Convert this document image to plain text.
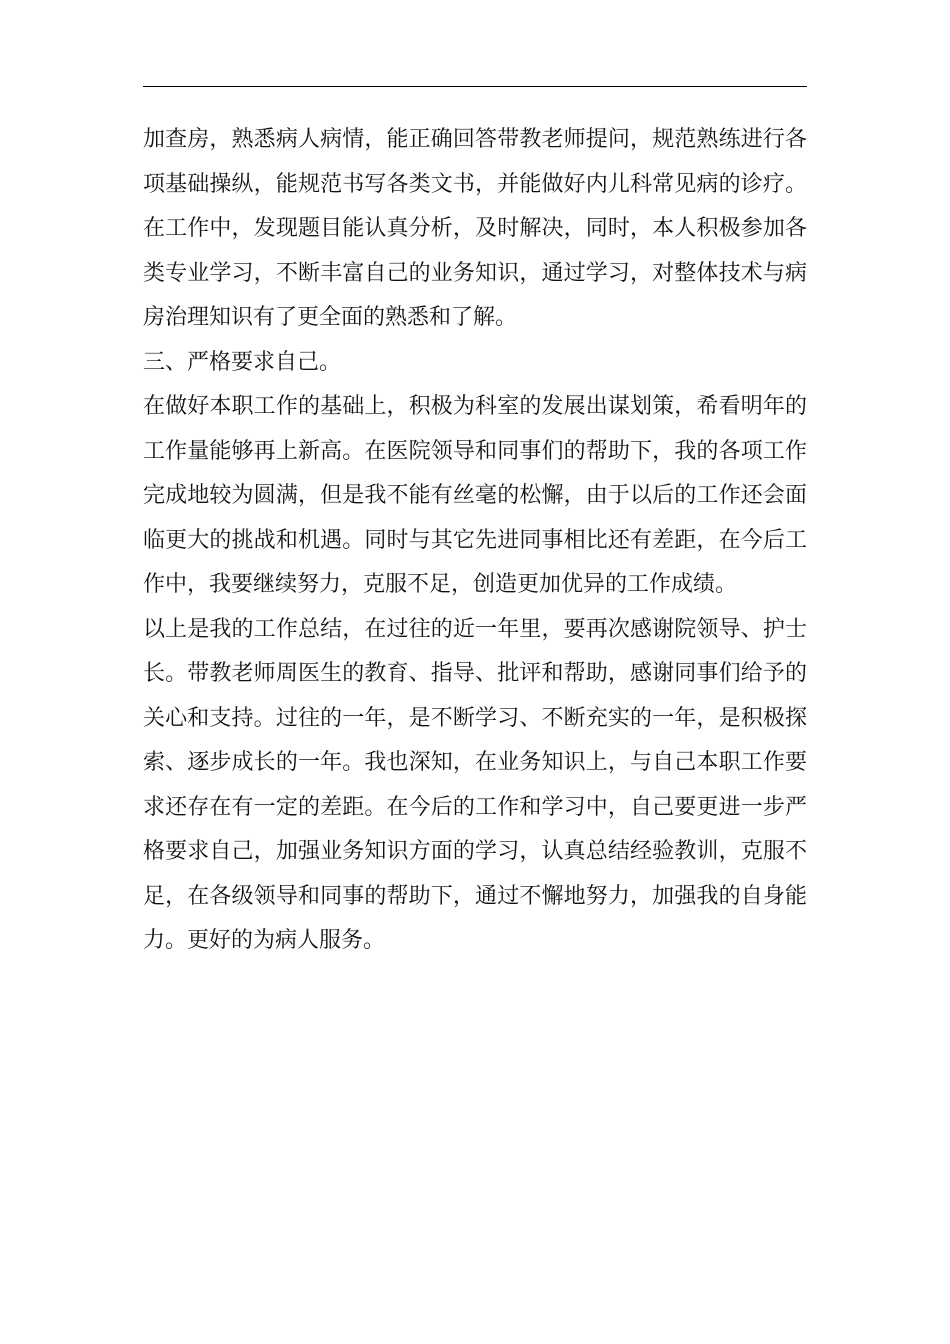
加查房，熟悉病人病情，能正确回答带教老师提问，规范熟练进行各项基础操纵，能规范书写各类文书，并能做好内儿科常见病的诊疗。在工作中，发现题目能认真分析，及时解决，同时，本人积极参加各类专业学习，不断丰富自己的业务知识，通过学习，对整体技术与病房治理知识有了更全面的熟悉和了解。

三、严格要求自己。

在做好本职工作的基础上，积极为科室的发展出谋划策，希看明年的工作量能够再上新高。在医院领导和同事们的帮助下，我的各项工作完成地较为圆满，但是我不能有丝毫的松懈，由于以后的工作还会面临更大的挑战和机遇。同时与其它先进同事相比还有差距，在今后工作中，我要继续努力，克服不足，创造更加优异的工作成绩。

以上是我的工作总结，在过往的近一年里，要再次感谢院领导、护士长。带教老师周医生的教育、指导、批评和帮助，感谢同事们给予的关心和支持。过往的一年，是不断学习、不断充实的一年，是积极探索、逐步成长的一年。我也深知，在业务知识上，与自己本职工作要求还存在有一定的差距。在今后的工作和学习中，自己要更进一步严格要求自己，加强业务知识方面的学习，认真总结经验教训，克服不足，在各级领导和同事的帮助下，通过不懈地努力，加强我的自身能力。更好的为病人服务。
